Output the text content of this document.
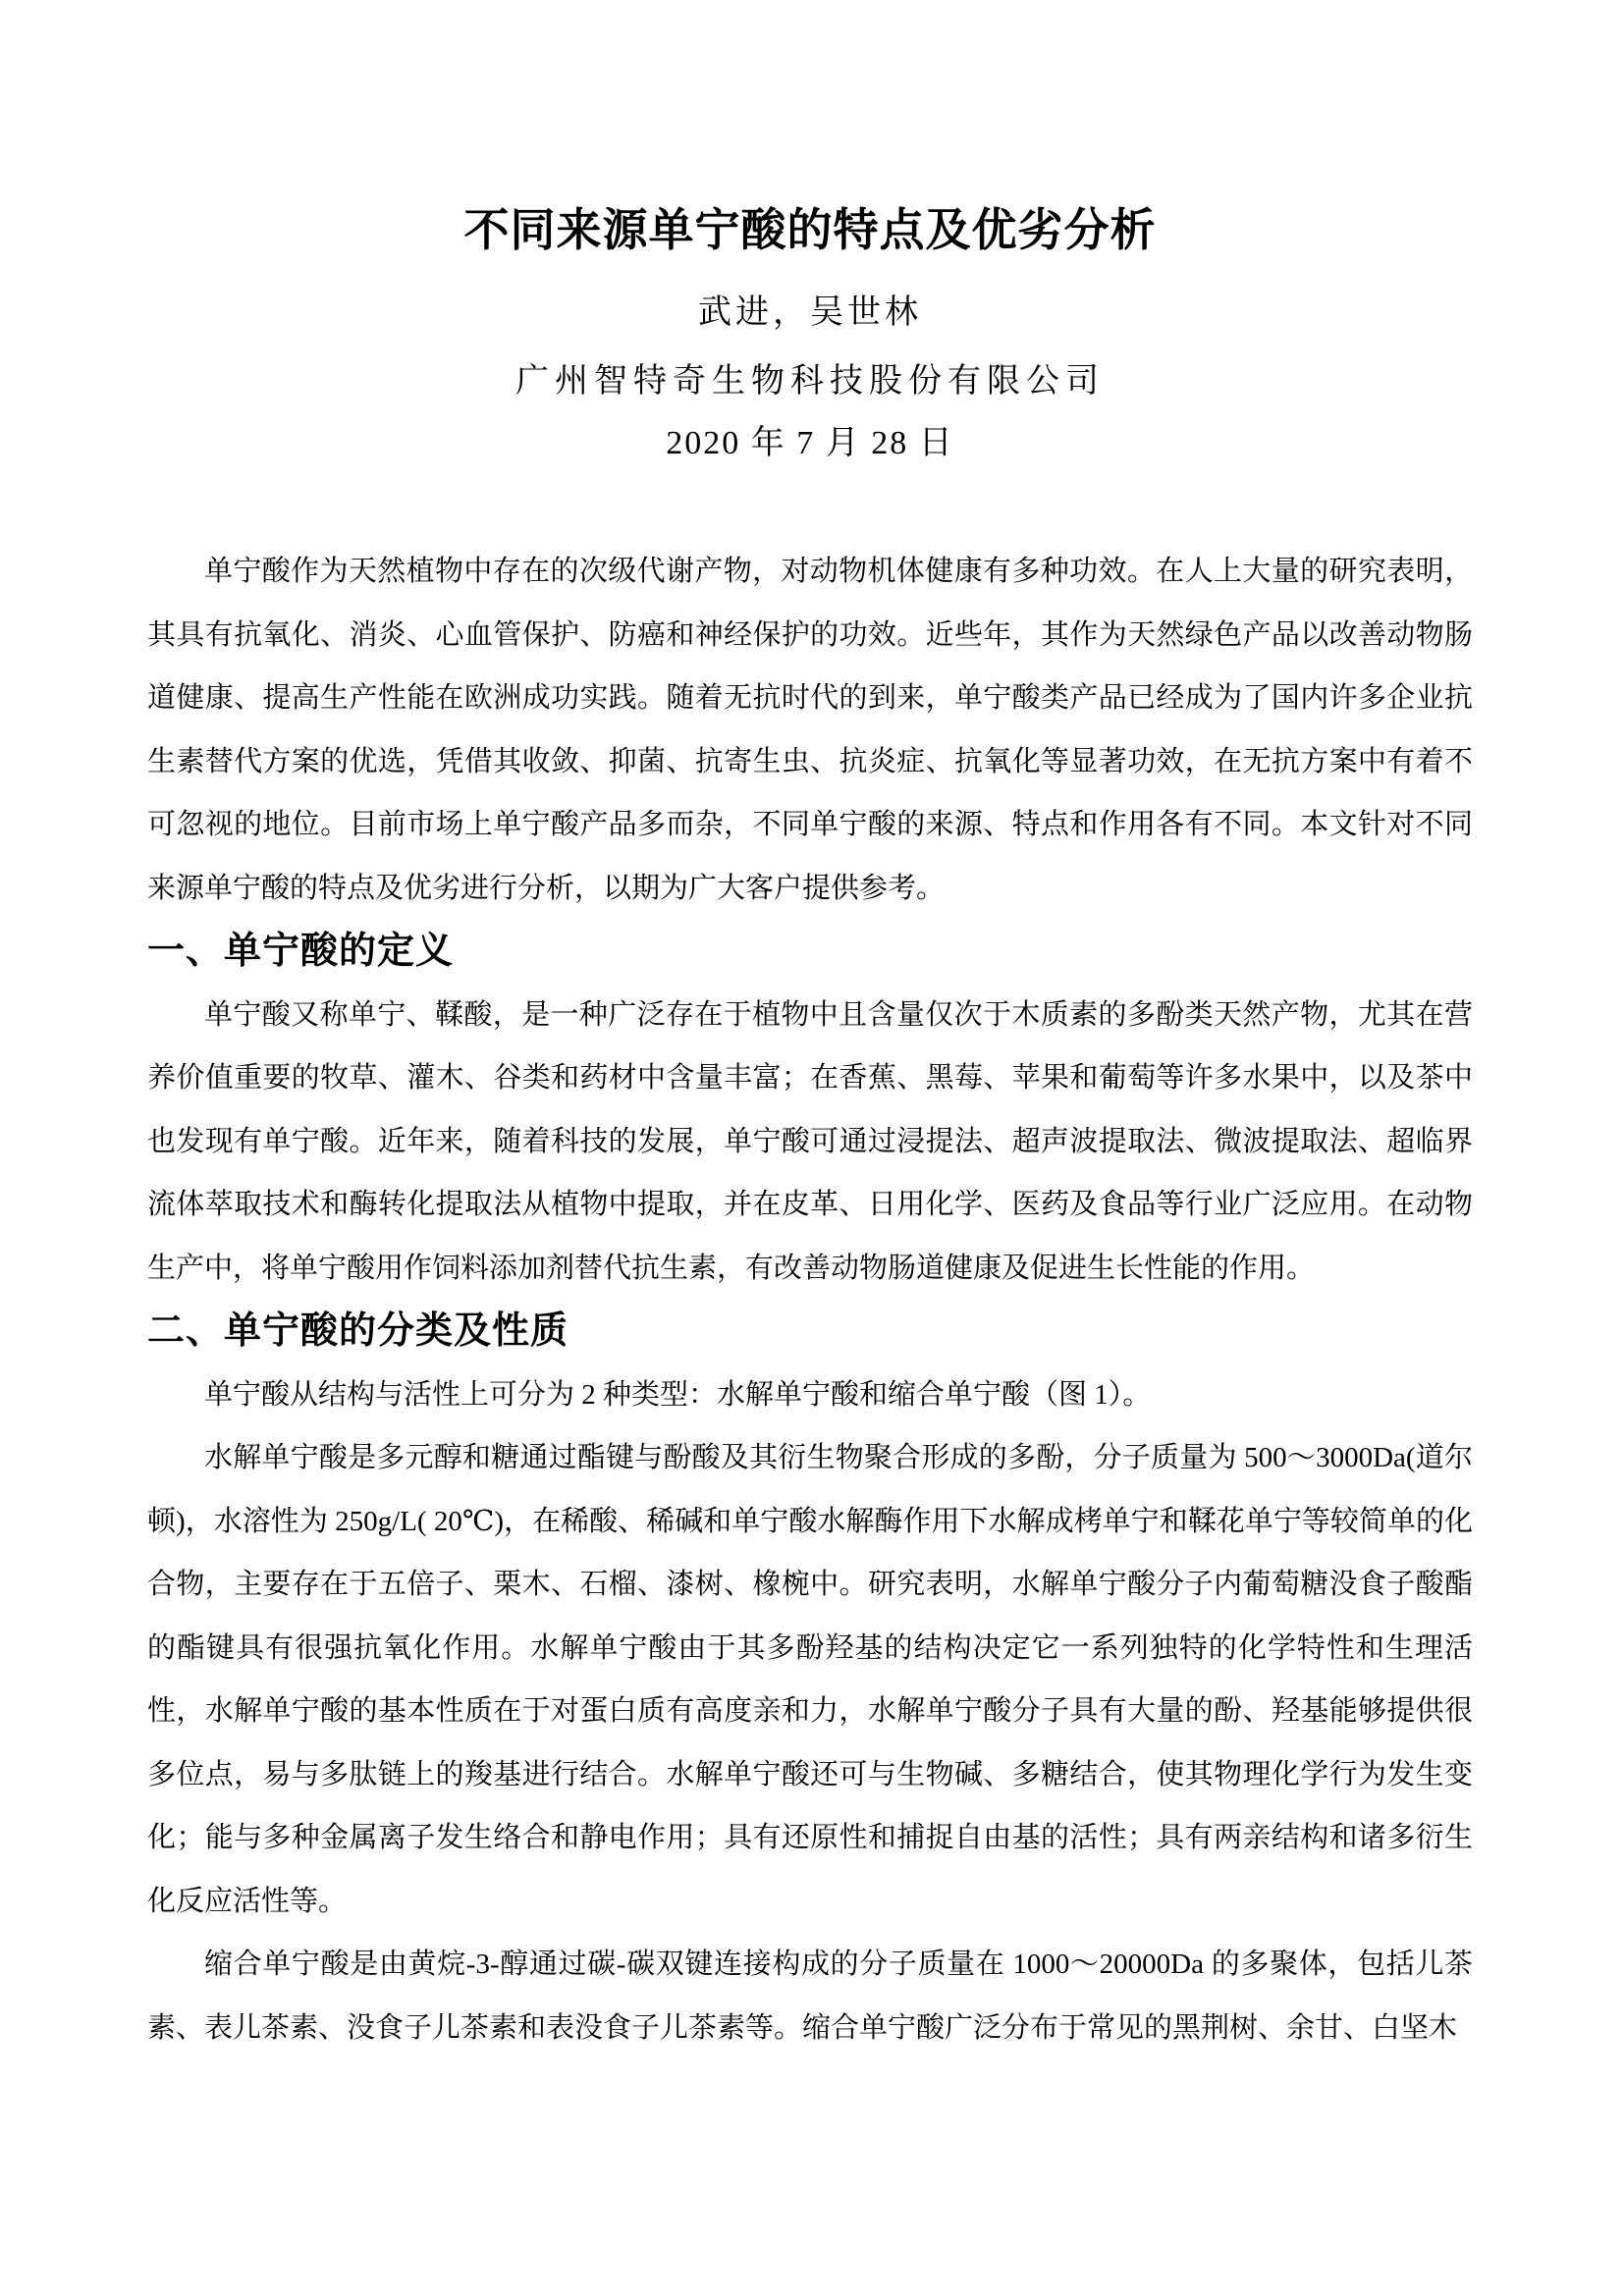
不同来源单宁酸的特点及优劣分析
武进，吴世林
广州智特奇生物科技股份有限公司
2020 年 7 月 28 日

单宁酸作为天然植物中存在的次级代谢产物，对动物机体健康有多种功效。在人上大量的研究表明，其具有抗氧化、消炎、心血管保护、防癌和神经保护的功效。近些年，其作为天然绿色产品以改善动物肠道健康、提高生产性能在欧洲成功实践。随着无抗时代的到来，单宁酸类产品已经成为了国内许多企业抗生素替代方案的优选，凭借其收敛、抑菌、抗寄生虫、抗炎症、抗氧化等显著功效，在无抗方案中有着不可忽视的地位。目前市场上单宁酸产品多而杂，不同单宁酸的来源、特点和作用各有不同。本文针对不同来源单宁酸的特点及优劣进行分析，以期为广大客户提供参考。

一、单宁酸的定义

单宁酸又称单宁、鞣酸，是一种广泛存在于植物中且含量仅次于木质素的多酚类天然产物，尤其在营养价值重要的牧草、灌木、谷类和药材中含量丰富；在香蕉、黑莓、苹果和葡萄等许多水果中，以及茶中也发现有单宁酸。近年来，随着科技的发展，单宁酸可通过浸提法、超声波提取法、微波提取法、超临界流体萃取技术和酶转化提取法从植物中提取，并在皮革、日用化学、医药及食品等行业广泛应用。在动物生产中，将单宁酸用作饲料添加剂替代抗生素，有改善动物肠道健康及促进生长性能的作用。

二、单宁酸的分类及性质

单宁酸从结构与活性上可分为 2 种类型：水解单宁酸和缩合单宁酸（图 1）。

水解单宁酸是多元醇和糖通过酯键与酚酸及其衍生物聚合形成的多酚，分子质量为 500～3000Da(道尔顿)，水溶性为 250g/L( 20℃)，在稀酸、稀碱和单宁酸水解酶作用下水解成栲单宁和鞣花单宁等较简单的化合物，主要存在于五倍子、栗木、石榴、漆树、橡椀中。研究表明，水解单宁酸分子内葡萄糖没食子酸酯的酯键具有很强抗氧化作用。水解单宁酸由于其多酚羟基的结构决定它一系列独特的化学特性和生理活性，水解单宁酸的基本性质在于对蛋白质有高度亲和力，水解单宁酸分子具有大量的酚、羟基能够提供很多位点，易与多肽链上的羧基进行结合。水解单宁酸还可与生物碱、多糖结合，使其物理化学行为发生变化；能与多种金属离子发生络合和静电作用；具有还原性和捕捉自由基的活性；具有两亲结构和诸多衍生化反应活性等。

缩合单宁酸是由黄烷-3-醇通过碳-碳双键连接构成的分子质量在 1000～20000Da 的多聚体，包括儿茶素、表儿茶素、没食子儿茶素和表没食子儿茶素等。缩合单宁酸广泛分布于常见的黑荆树、余甘、白坚木
